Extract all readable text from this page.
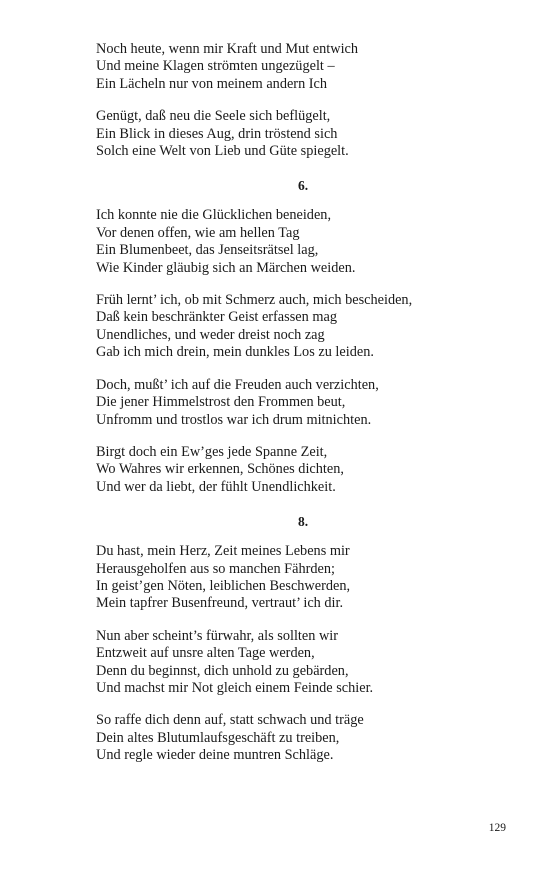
Noch heute, wenn mir Kraft und Mut entwich
Und meine Klagen strömten ungezügelt –
Ein Lächeln nur von meinem andern Ich
Genügt, daß neu die Seele sich beflügelt,
Ein Blick in dieses Aug, drin tröstend sich
Solch eine Welt von Lieb und Güte spiegelt.
6.
Ich konnte nie die Glücklichen beneiden,
Vor denen offen, wie am hellen Tag
Ein Blumenbeet, das Jenseitsrätsel lag,
Wie Kinder gläubig sich an Märchen weiden.
Früh lernt’ ich, ob mit Schmerz auch, mich bescheiden,
Daß kein beschränkter Geist erfassen mag
Unendliches, und weder dreist noch zag
Gab ich mich drein, mein dunkles Los zu leiden.
Doch, mußt’ ich auf die Freuden auch verzichten,
Die jener Himmelstrost den Frommen beut,
Unfromm und trostlos war ich drum mitnichten.
Birgt doch ein Ew’ges jede Spanne Zeit,
Wo Wahres wir erkennen, Schönes dichten,
Und wer da liebt, der fühlt Unendlichkeit.
8.
Du hast, mein Herz, Zeit meines Lebens mir
Herausgeholfen aus so manchen Fährden;
In geist’gen Nöten, leiblichen Beschwerden,
Mein tapfrer Busenfreund, vertraut’ ich dir.
Nun aber scheint’s fürwahr, als sollten wir
Entzweit auf unsre alten Tage werden,
Denn du beginnst, dich unhold zu gebärden,
Und machst mir Not gleich einem Feinde schier.
So raffe dich denn auf, statt schwach und träge
Dein altes Blutumlaufsgeschäft zu treiben,
Und regle wieder deine muntren Schläge.
129
